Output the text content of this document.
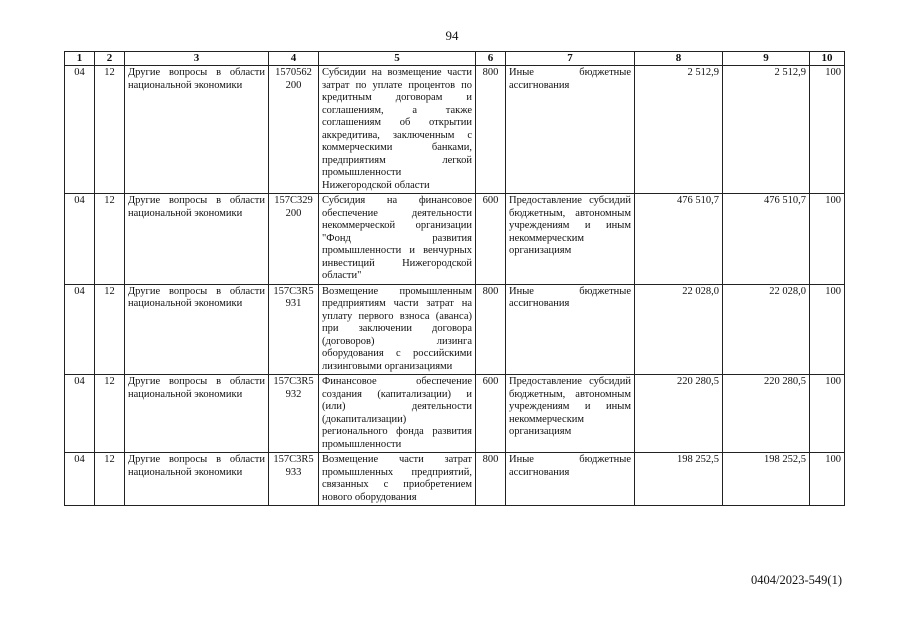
94
1	2	3	4	5	6	7	8	9	10
04	12	Другие вопросы в области национальной экономики	1570562 200	Субсидии на возмещение части затрат по уплате процентов по кредитным договорам и соглашениям, а также соглашениям об открытии аккредитива, заключенным с коммерческими банками, предприятиям легкой промышленности Нижегородской области	800	Иные бюджетные ассигнования	2 512,9	2 512,9	100
04	12	Другие вопросы в области национальной экономики	157C329 200	Субсидия на финансовое обеспечение деятельности некоммерческой организации "Фонд развития промышленности и венчурных инвестиций Нижегородской области"	600	Предоставление субсидий бюджетным, автономным учреждениям и иным некоммерческим организациям	476 510,7	476 510,7	100
04	12	Другие вопросы в области национальной экономики	157C3R5 931	Возмещение промышленным предприятиям части затрат на уплату первого взноса (аванса) при заключении договора (договоров) лизинга оборудования с российскими лизинговыми организациями	800	Иные бюджетные ассигнования	22 028,0	22 028,0	100
04	12	Другие вопросы в области национальной экономики	157C3R5 932	Финансовое обеспечение создания (капитализации) и (или) деятельности (докапитализации) регионального фонда развития промышленности	600	Предоставление субсидий бюджетным, автономным учреждениям и иным некоммерческим организациям	220 280,5	220 280,5	100
04	12	Другие вопросы в области национальной экономики	157C3R5 933	Возмещение части затрат промышленных предприятий, связанных с приобретением нового оборудования	800	Иные бюджетные ассигнования	198 252,5	198 252,5	100
0404/2023-549(1)
